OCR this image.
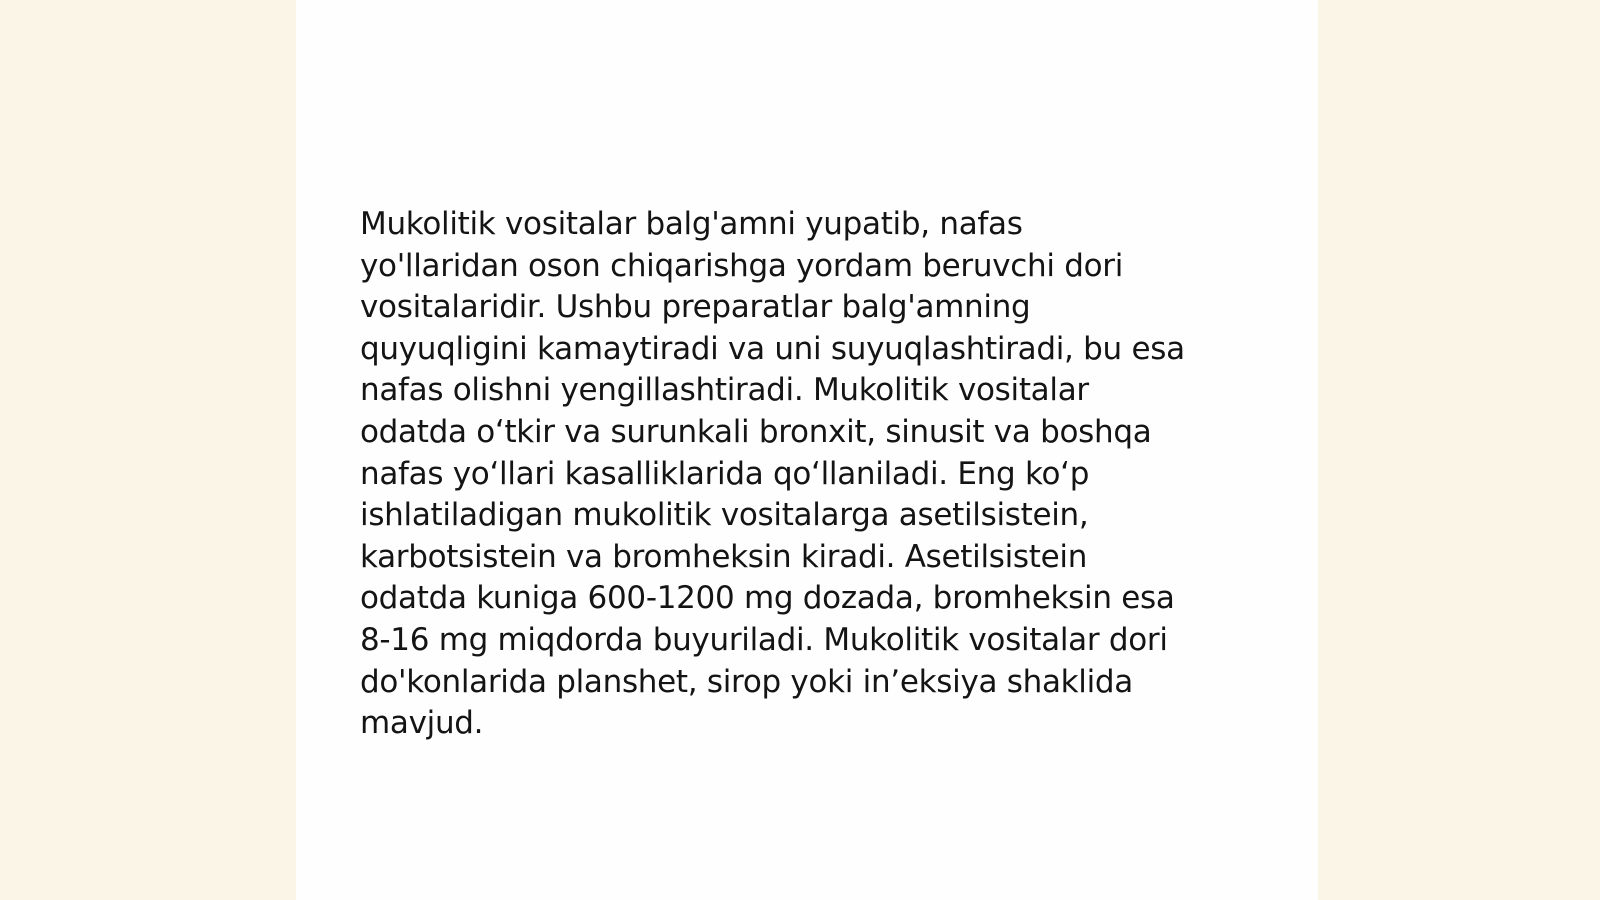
Mukolitik vositalar balg'amni yupatib, nafas
yo'llaridan oson chiqarishga yordam beruvchi dori
vositalaridir. Ushbu preparatlar balg'amning
quyuqligini kamaytiradi va uni suyuqlashtiradi, bu esa
nafas olishni yengillashtiradi. Mukolitik vositalar
odatda o‘tkir va surunkali bronxit, sinusit va boshqa
nafas yo‘llari kasalliklarida qo‘llaniladi. Eng ko‘p
ishlatiladigan mukolitik vositalarga asetilsistein,
karbotsistein va bromheksin kiradi. Asetilsistein
odatda kuniga 600-1200 mg dozada, bromheksin esa
8-16 mg miqdorda buyuriladi. Mukolitik vositalar dori
do'konlarida planshet, sirop yoki in’eksiya shaklida
mavjud.
